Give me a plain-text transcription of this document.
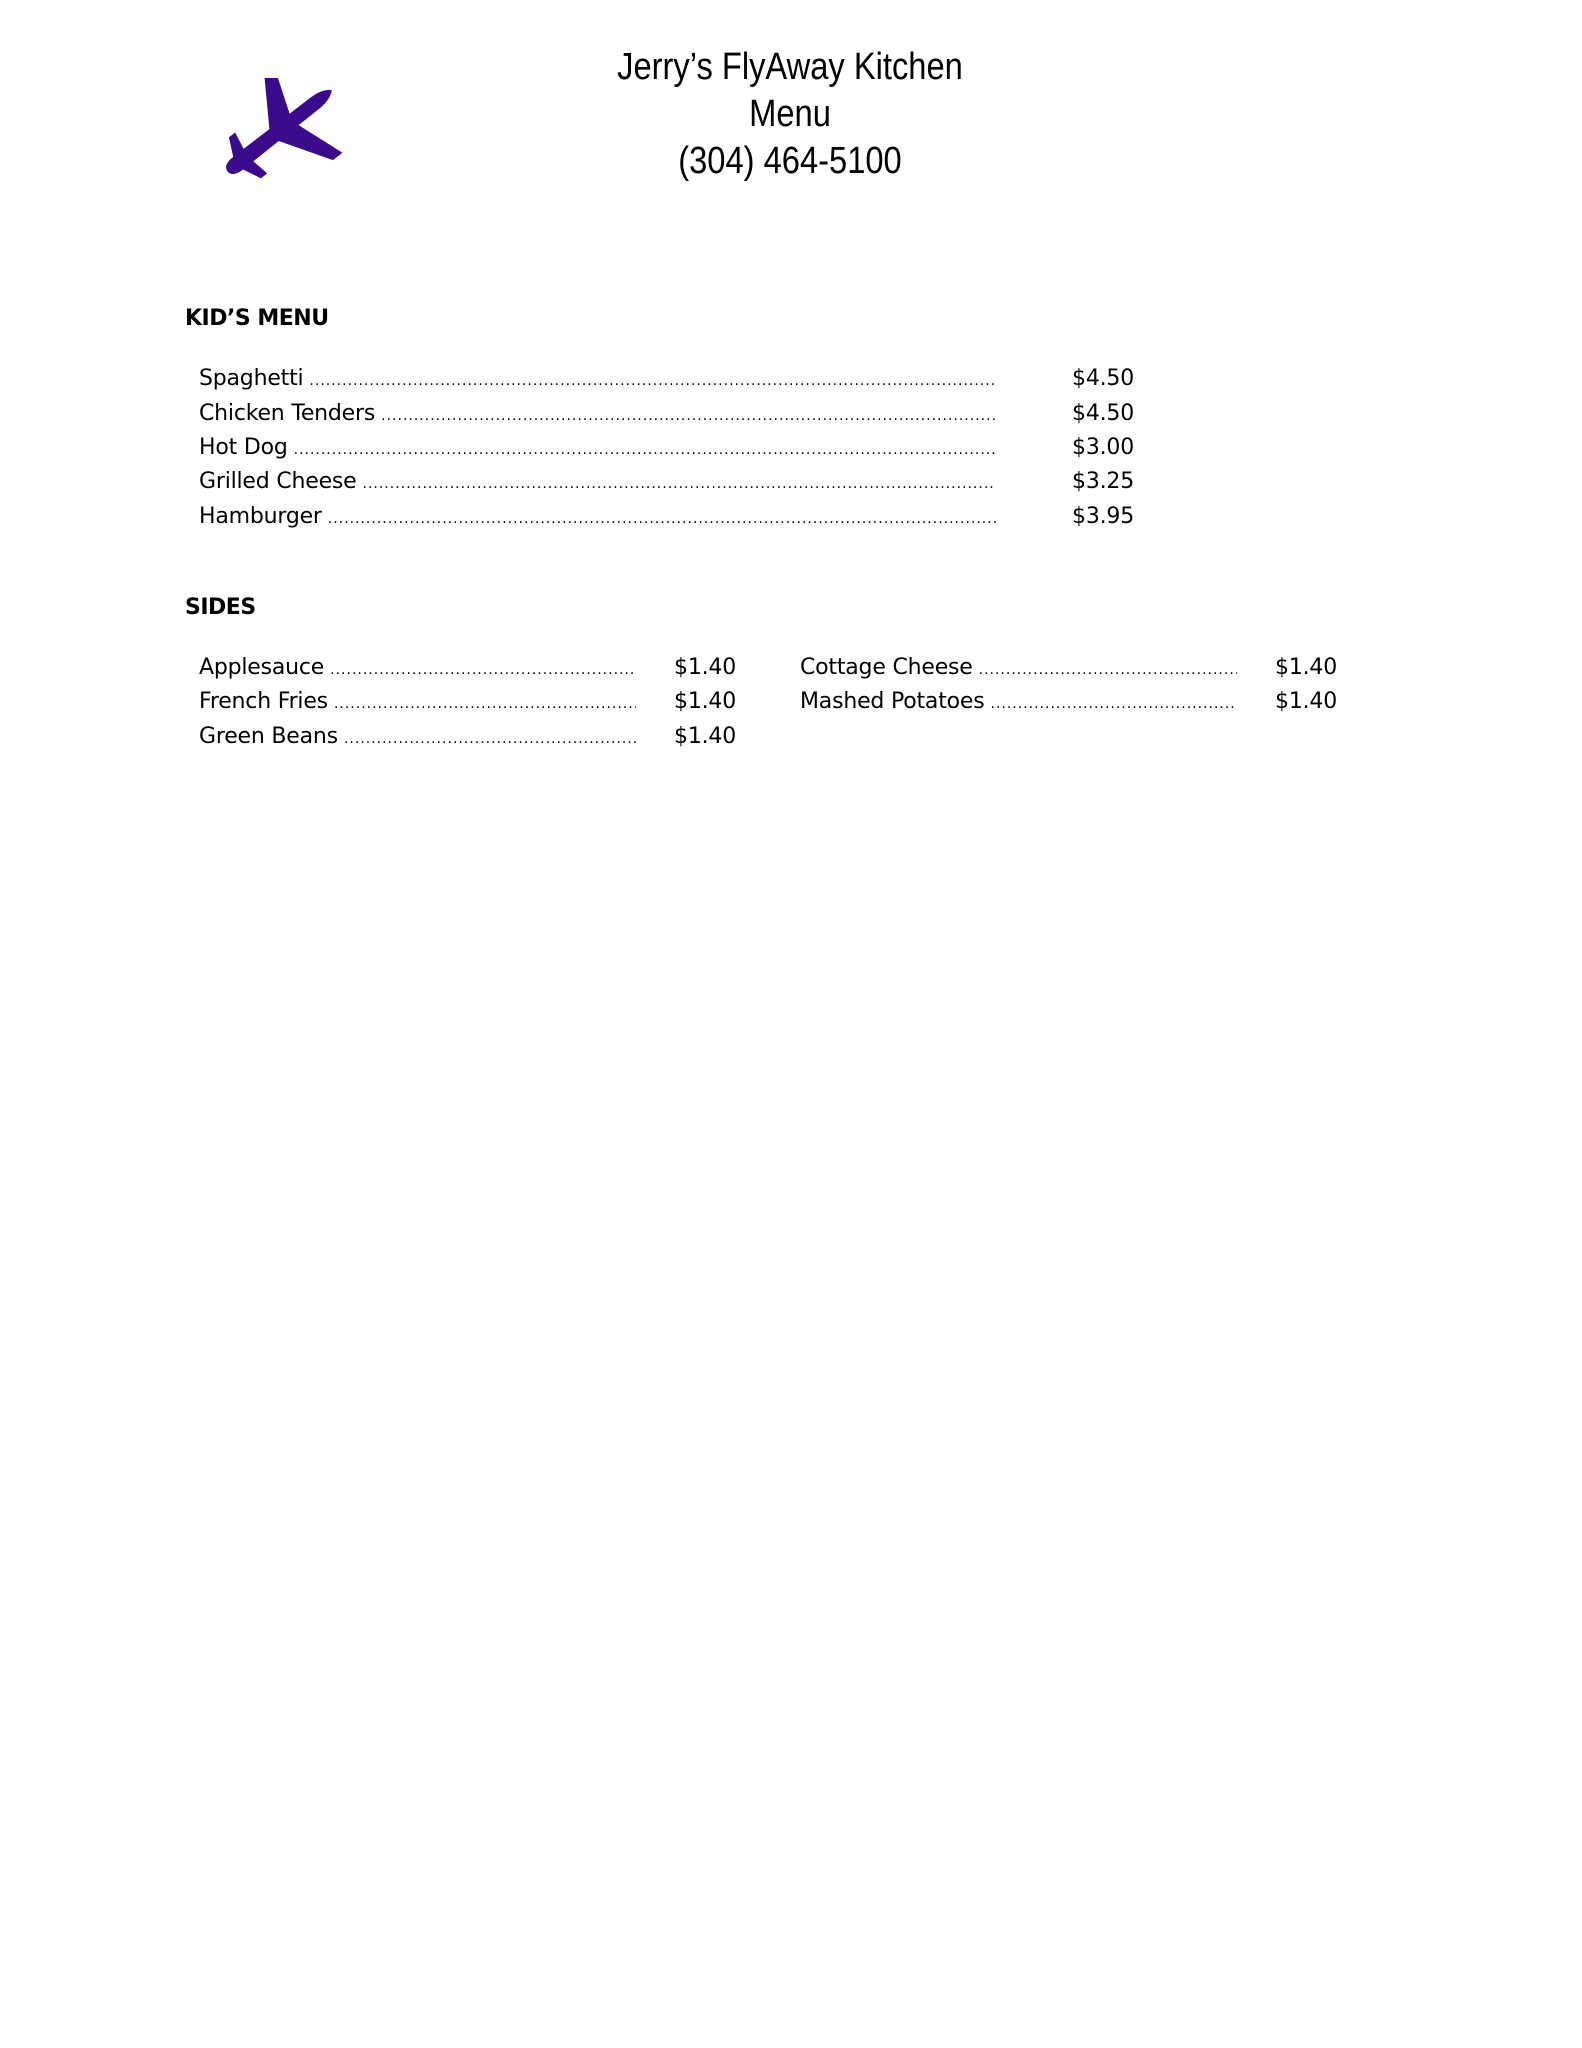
Jerry’s FlyAway Kitchen
Menu
(304) 464-5100
KID’S MENU
Spaghetti .....	$4.50
Chicken Tenders .....	$4.50
Hot Dog .....	$3.00
Grilled Cheese .....	$3.25
Hamburger .....	$3.95
SIDES
Applesauce .....	$1.40
French Fries .....	$1.40
Green Beans .....	$1.40
Cottage Cheese .....	$1.40
Mashed Potatoes .....	$1.40
